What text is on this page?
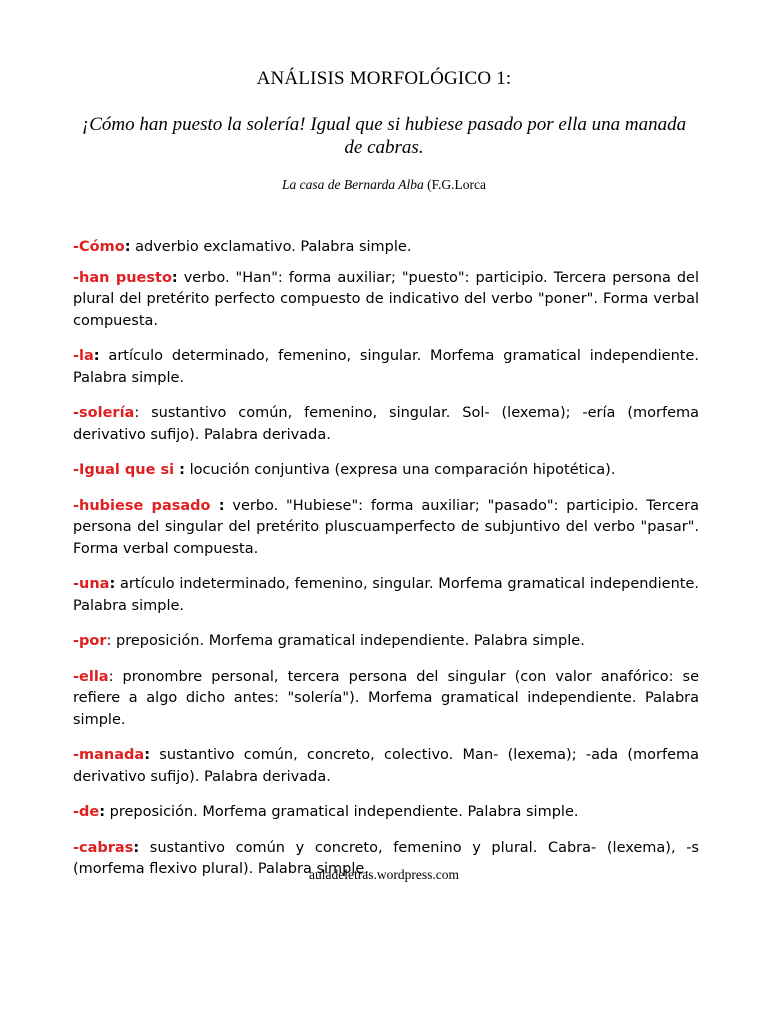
ANÁLISIS MORFOLÓGICO 1:
¡Cómo han puesto la solería! Igual que si hubiese pasado por ella una manada de cabras.
La casa de Bernarda Alba (F.G.Lorca

-Cómo: adverbio exclamativo. Palabra simple.

-han puesto: verbo. "Han": forma auxiliar; "puesto": participio. Tercera persona del plural del pretérito perfecto compuesto de indicativo del verbo "poner". Forma verbal compuesta.

-la: artículo determinado, femenino, singular. Morfema gramatical independiente. Palabra simple.

-solería: sustantivo común, femenino, singular. Sol- (lexema); -ería (morfema derivativo sufijo). Palabra derivada.

-Igual que si : locución conjuntiva (expresa una comparación hipotética).

-hubiese pasado : verbo. "Hubiese": forma auxiliar; "pasado": participio. Tercera persona del singular del pretérito pluscuamperfecto de subjuntivo del verbo "pasar". Forma verbal compuesta.

-una: artículo indeterminado, femenino, singular. Morfema gramatical independiente. Palabra simple.

-por: preposición. Morfema gramatical independiente. Palabra simple.

-ella: pronombre personal, tercera persona del singular (con valor anafórico: se refiere a algo dicho antes: "solería"). Morfema gramatical independiente. Palabra simple.

-manada: sustantivo común, concreto, colectivo. Man- (lexema); -ada (morfema derivativo sufijo). Palabra derivada.

-de: preposición. Morfema gramatical independiente. Palabra simple.

-cabras: sustantivo común y concreto, femenino y plural. Cabra- (lexema), -s (morfema flexivo plural). Palabra simple.

auladeletras.wordpress.com
